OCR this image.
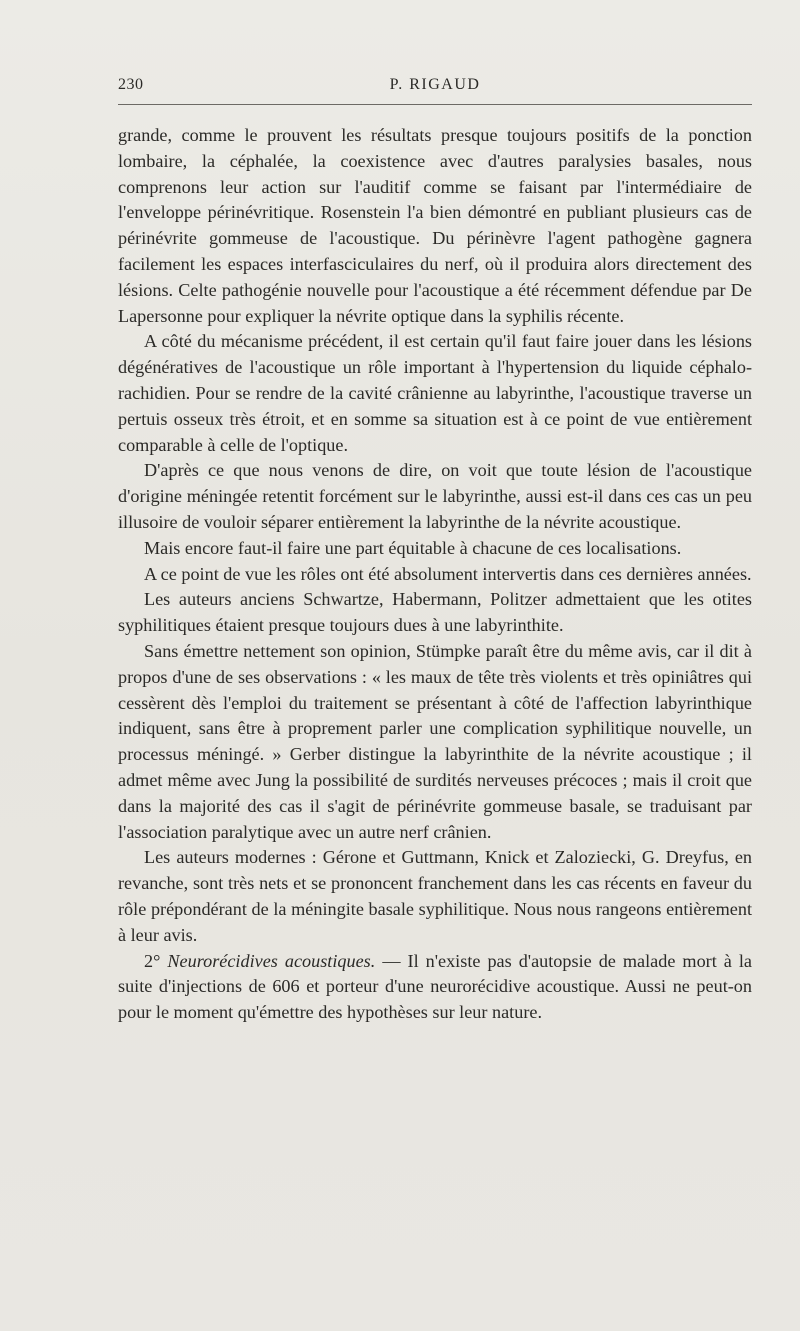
230	P. RIGAUD

grande, comme le prouvent les résultats presque toujours positifs de la ponction lombaire, la céphalée, la coexistence avec d'autres paralysies basales, nous comprenons leur action sur l'auditif comme se faisant par l'intermédiaire de l'enveloppe périnévritique. Rosenstein l'a bien démontré en publiant plusieurs cas de périnévrite gommeuse de l'acoustique. Du périnèvre l'agent pathogène gagnera facilement les espaces interfasciculaires du nerf, où il produira alors directement des lésions. Celte pathogénie nouvelle pour l'acoustique a été récemment défendue par De Lapersonne pour expliquer la névrite optique dans la syphilis récente.

A côté du mécanisme précédent, il est certain qu'il faut faire jouer dans les lésions dégénératives de l'acoustique un rôle important à l'hypertension du liquide céphalo-rachidien. Pour se rendre de la cavité crânienne au labyrinthe, l'acoustique traverse un pertuis osseux très étroit, et en somme sa situation est à ce point de vue entièrement comparable à celle de l'optique.

D'après ce que nous venons de dire, on voit que toute lésion de l'acoustique d'origine méningée retentit forcément sur le labyrinthe, aussi est-il dans ces cas un peu illusoire de vouloir séparer entièrement la labyrinthe de la névrite acoustique.

Mais encore faut-il faire une part équitable à chacune de ces localisations.

A ce point de vue les rôles ont été absolument intervertis dans ces dernières années.

Les auteurs anciens Schwartze, Habermann, Politzer admettaient que les otites syphilitiques étaient presque toujours dues à une labyrinthite.

Sans émettre nettement son opinion, Stümpke paraît être du même avis, car il dit à propos d'une de ses observations : « les maux de tête très violents et très opiniâtres qui cessèrent dès l'emploi du traitement se présentant à côté de l'affection labyrinthique indiquent, sans être à proprement parler une complication syphilitique nouvelle, un processus méningé. » Gerber distingue la labyrinthite de la névrite acoustique ; il admet même avec Jung la possibilité de surdités nerveuses précoces ; mais il croit que dans la majorité des cas il s'agit de périnévrite gommeuse basale, se traduisant par l'association paralytique avec un autre nerf crânien.

Les auteurs modernes : Gérone et Guttmann, Knick et Zaloziecki, G. Dreyfus, en revanche, sont très nets et se prononcent franchement dans les cas récents en faveur du rôle prépondérant de la méningite basale syphilitique. Nous nous rangeons entièrement à leur avis.

2° Neurorécidives acoustiques. — Il n'existe pas d'autopsie de malade mort à la suite d'injections de 606 et porteur d'une neurorécidive acoustique. Aussi ne peut-on pour le moment qu'émettre des hypothèses sur leur nature.
